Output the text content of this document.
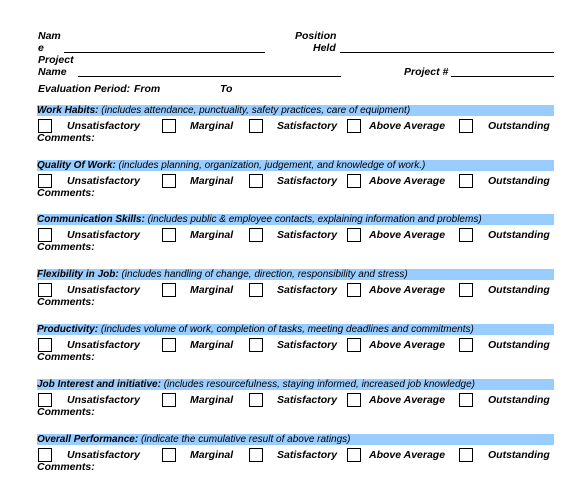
Nam
e
Position
Held
Project
Name	Project #
Evaluation Period: From	To
Work Habits: (includes attendance, punctuality, safety practices, care of equipment)
Unsatisfactory	Marginal	Satisfactory	Above Average	Outstanding
Comments:
Quality Of Work: (includes planning, organization, judgement, and knowledge of work.)
Unsatisfactory	Marginal	Satisfactory	Above Average	Outstanding
Comments:
Communication Skills: (includes public & employee contacts, explaining information and problems)
Unsatisfactory	Marginal	Satisfactory	Above Average	Outstanding
Comments:
Flexibility in Job: (includes handling of change, direction, responsibility and stress)
Unsatisfactory	Marginal	Satisfactory	Above Average	Outstanding
Comments:
Productivity: (includes volume of work, completion of tasks, meeting deadlines and commitments)
Unsatisfactory	Marginal	Satisfactory	Above Average	Outstanding
Comments:
Job Interest and initiative: (includes resourcefulness, staying informed, increased job knowledge)
Unsatisfactory	Marginal	Satisfactory	Above Average	Outstanding
Comments:
Overall Performance: (indicate the cumulative result of above ratings)
Unsatisfactory	Marginal	Satisfactory	Above Average	Outstanding
Comments:
